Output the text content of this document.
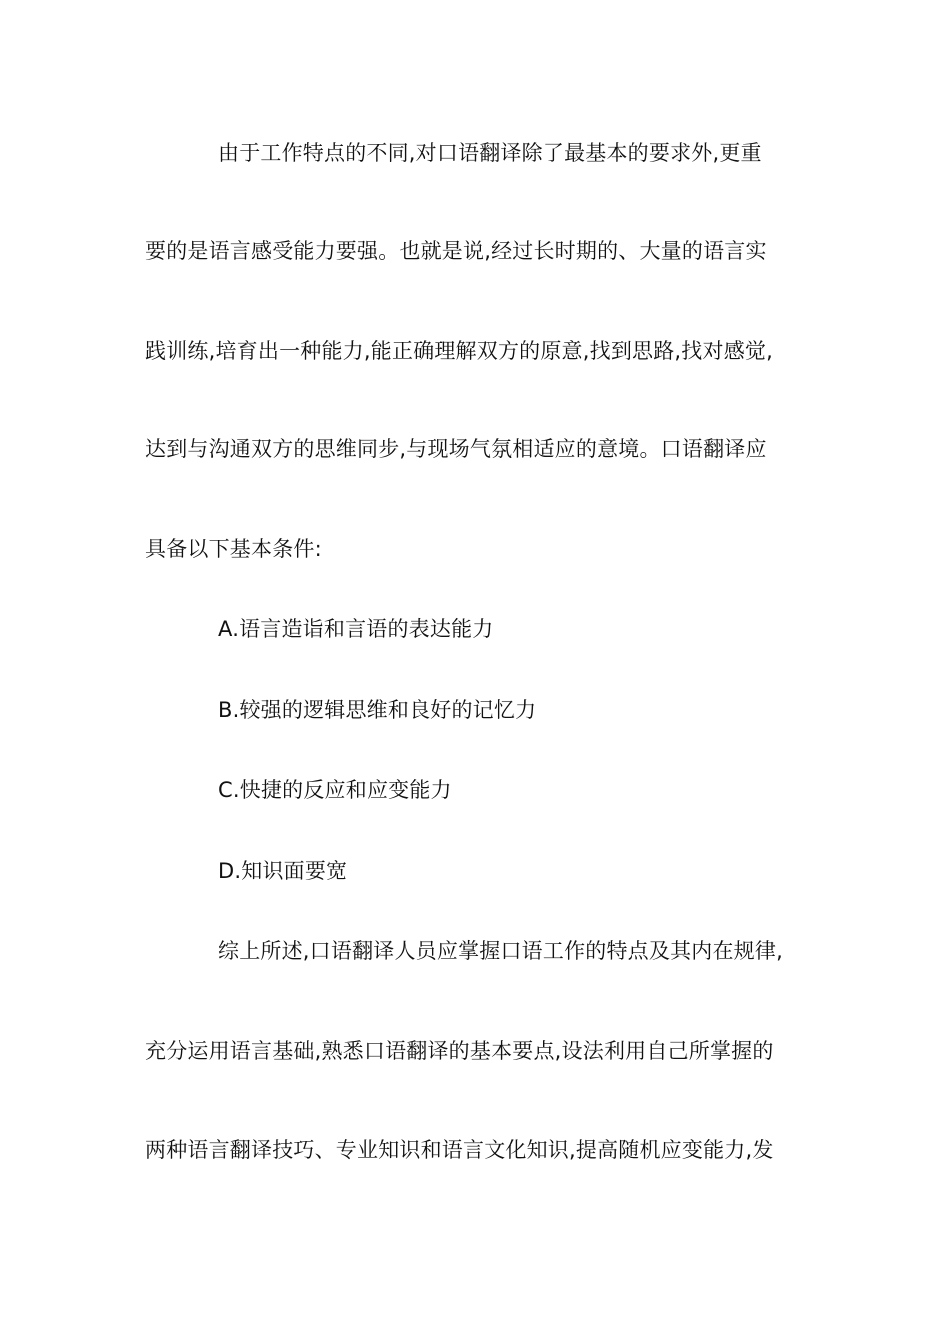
由于工作特点的不同,对口语翻译除了最基本的要求外,更重
要的是语言感受能力要强。也就是说,经过长时期的、大量的语言实
践训练,培育出一种能力,能正确理解双方的原意,找到思路,找对感觉,
达到与沟通双方的思维同步,与现场气氛相适应的意境。口语翻译应
具备以下基本条件:
A.语言造诣和言语的表达能力
B.较强的逻辑思维和良好的记忆力
C.快捷的反应和应变能力
D.知识面要宽
综上所述,口语翻译人员应掌握口语工作的特点及其内在规律,
充分运用语言基础,熟悉口语翻译的基本要点,设法利用自己所掌握的
两种语言翻译技巧、专业知识和语言文化知识,提高随机应变能力,发
